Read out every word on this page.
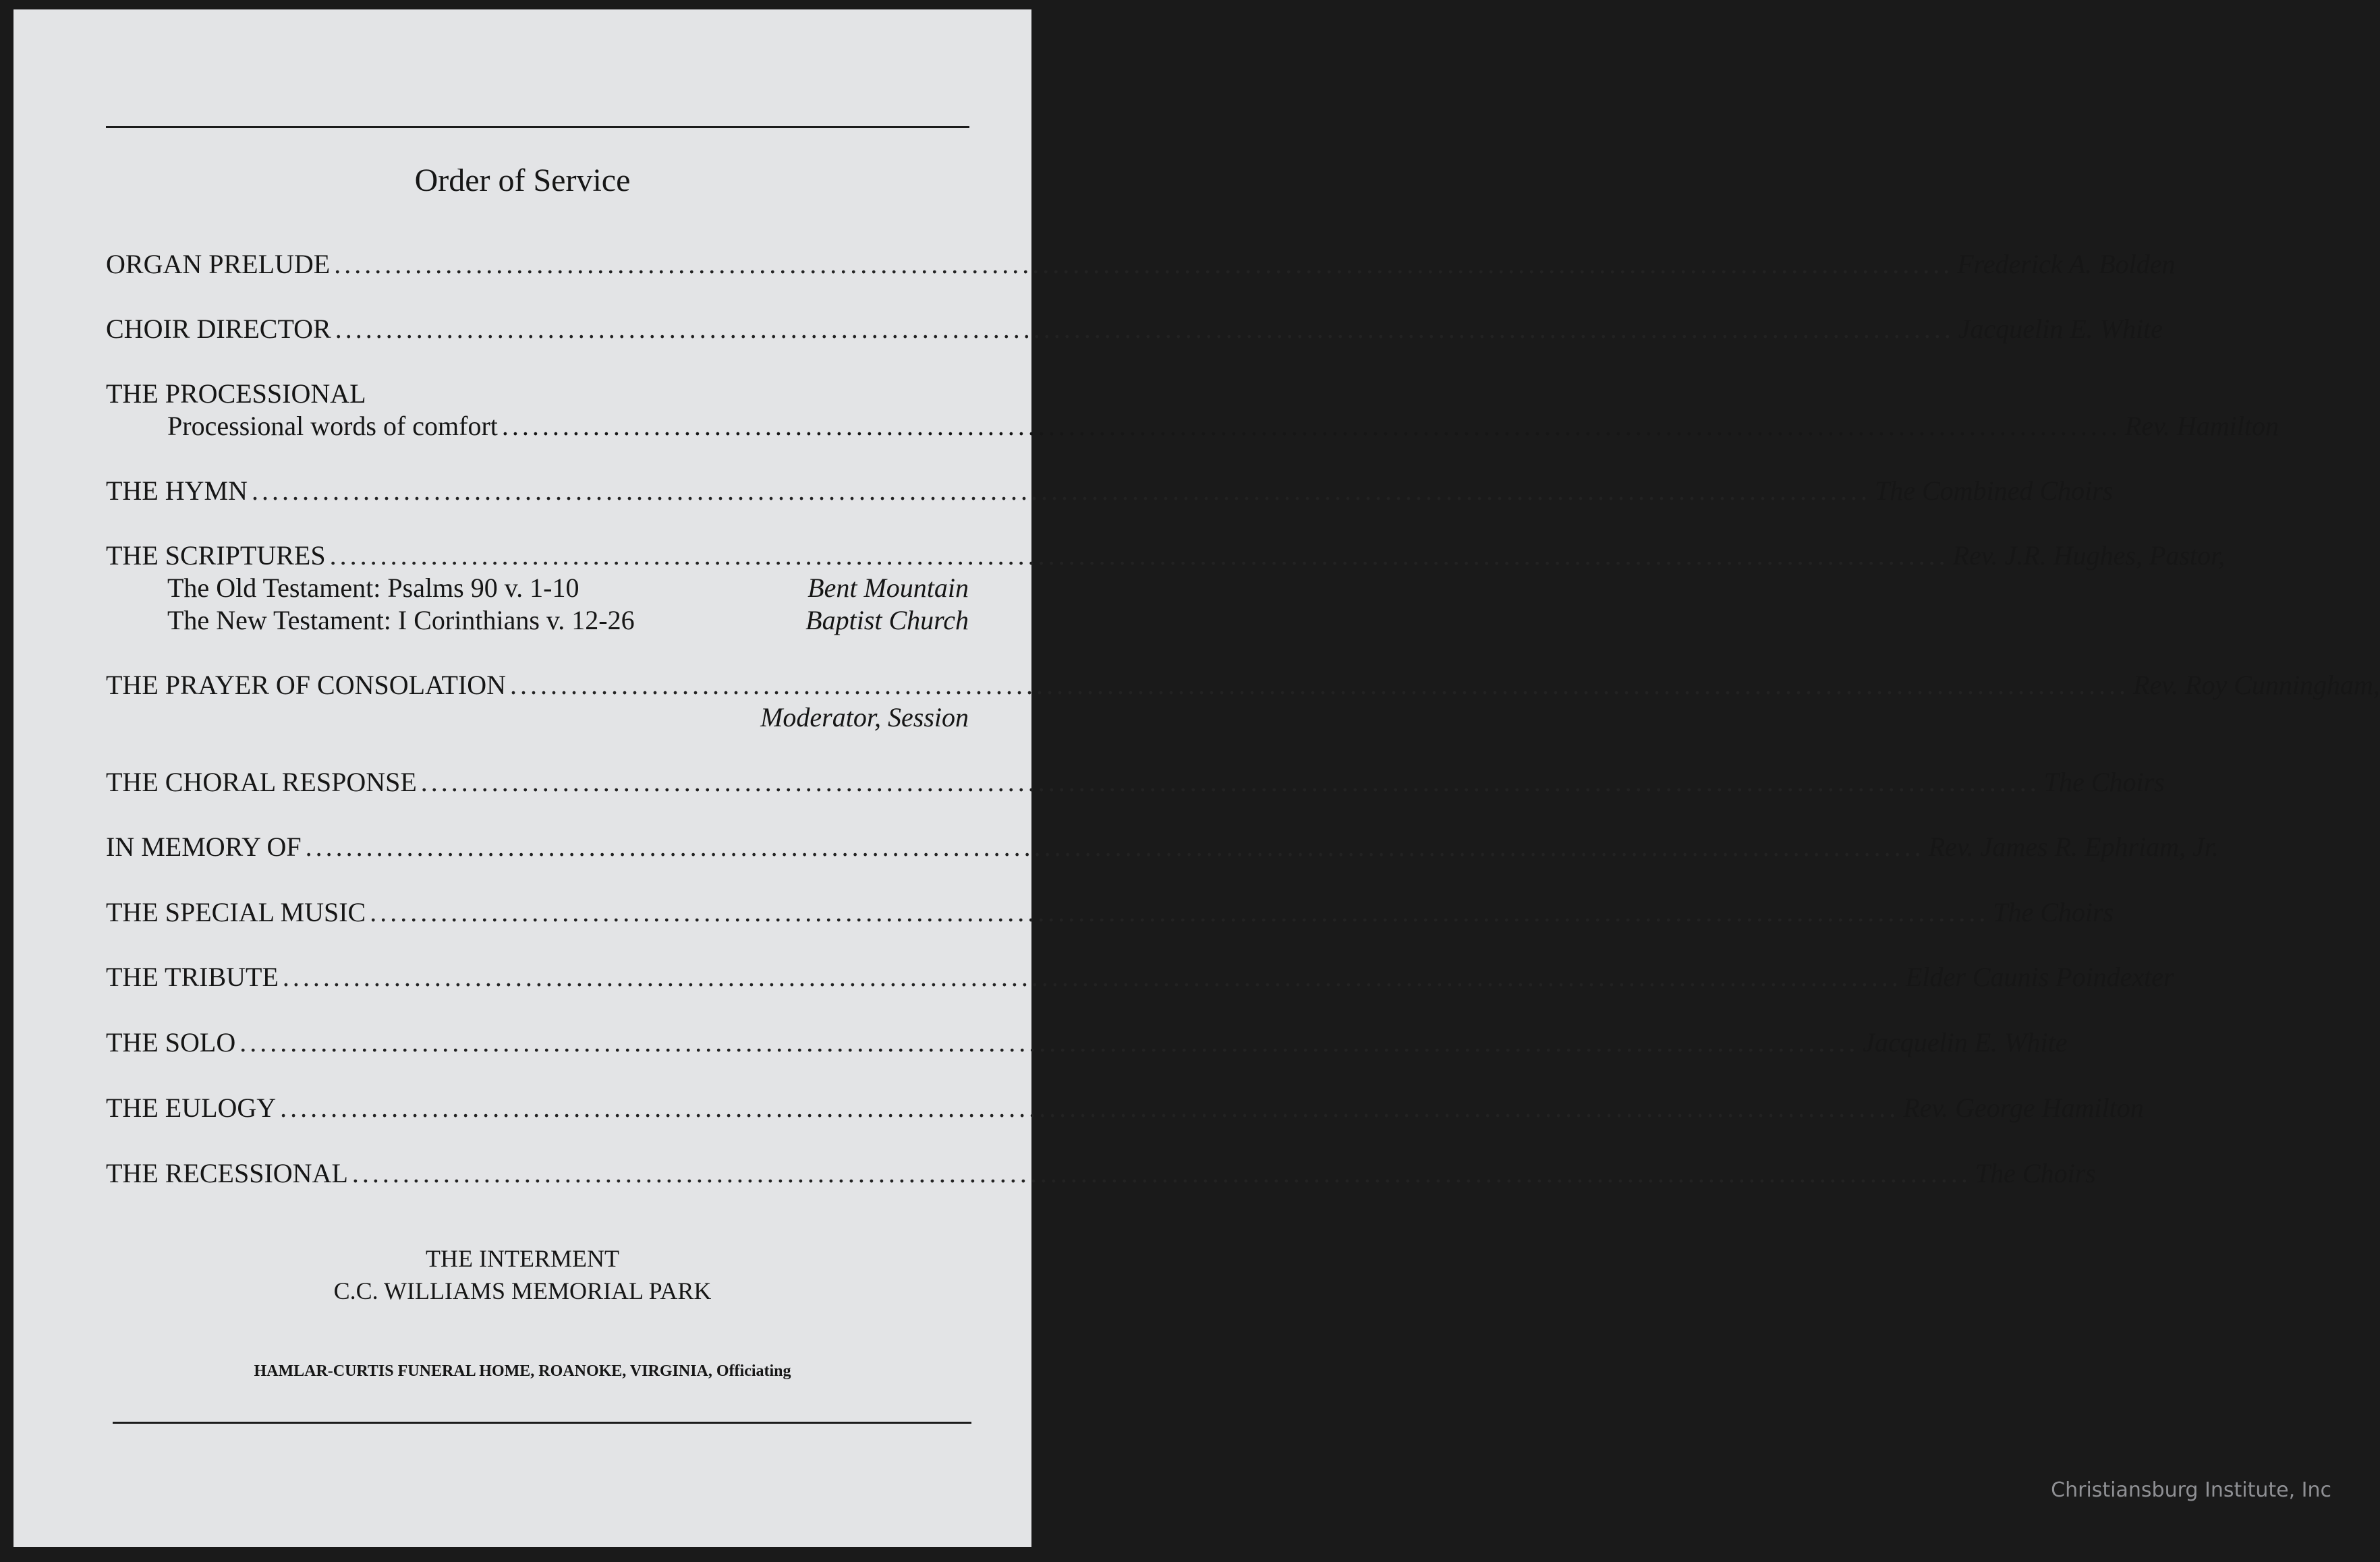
Order of Service
ORGAN PRELUDE ................................................................................................................................................................ Frederick A. Bolden
CHOIR DIRECTOR ................................................................................................................................................................ Jacquelin E. White
THE PROCESSIONAL
Processional words of comfort ................................................................................................................................................................ Rev. Hamilton
THE HYMN ................................................................................................................................................................ The Combined Choirs
THE SCRIPTURES ................................................................................................................................................................ Rev. J.R. Hughes, Pastor,
The Old Testament: Psalms 90 v. 1-10	Bent Mountain
The New Testament: I Corinthians v. 12-26	Baptist Church
THE PRAYER OF CONSOLATION ................................................................................................................................................................ Rev. Roy Cunningham,
Moderator, Session
THE CHORAL RESPONSE ................................................................................................................................................................ The Choirs
IN MEMORY OF ................................................................................................................................................................ Rev. James R. Ephriam, Jr.
THE SPECIAL MUSIC ................................................................................................................................................................ The Choirs
THE TRIBUTE ................................................................................................................................................................ Elder Caunis Poindexter
THE SOLO ................................................................................................................................................................ Jacquelin E. White
THE EULOGY ................................................................................................................................................................ Rev. George Hamilton
THE RECESSIONAL ................................................................................................................................................................ The Choirs
THE INTERMENT
C.C. WILLIAMS MEMORIAL PARK
HAMLAR-CURTIS FUNERAL HOME, ROANOKE, VIRGINIA, Officiating
Christiansburg Institute, Inc
